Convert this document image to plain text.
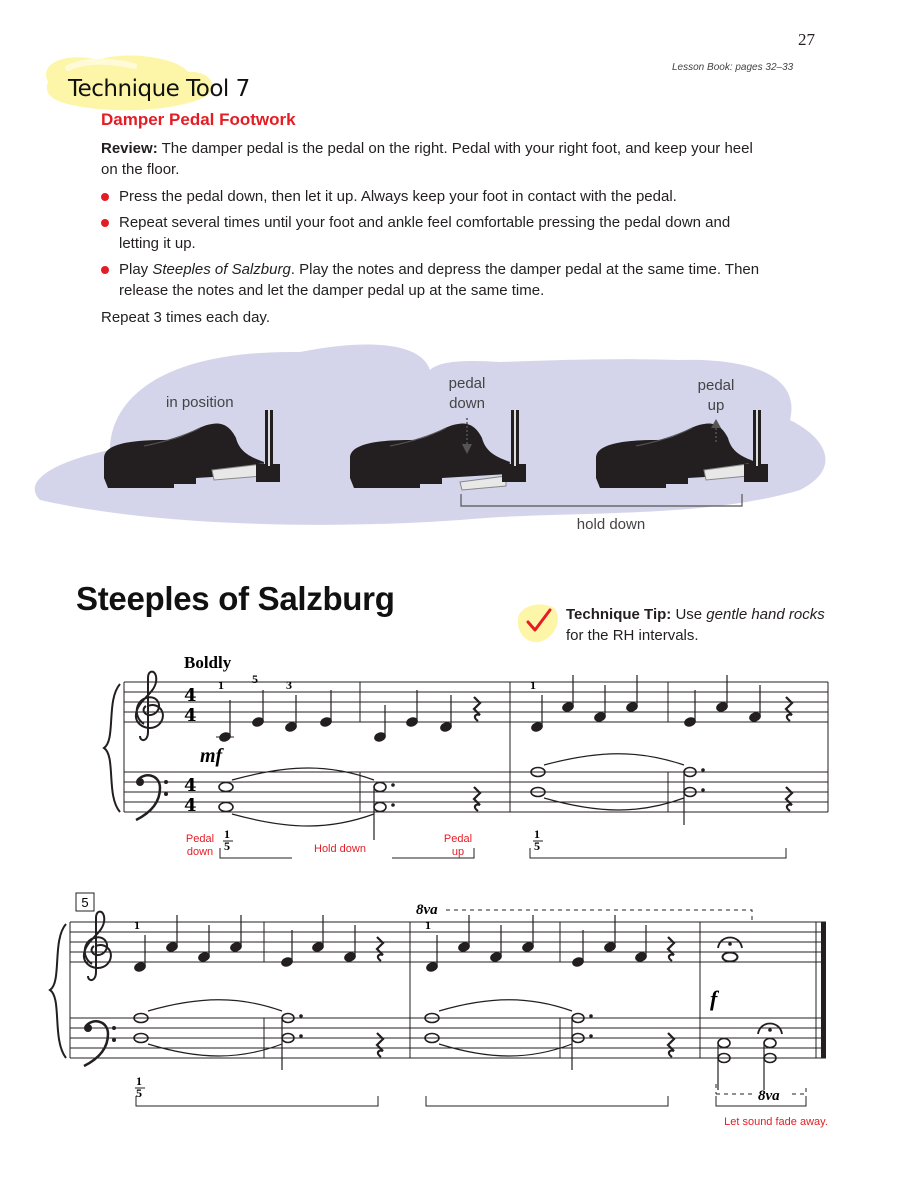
27
Lesson Book: pages 32–33
Technique Tool 7
Damper Pedal Footwork
Review: The damper pedal is the pedal on the right. Pedal with your right foot, and keep your heel on the floor.
Press the pedal down, then let it up. Always keep your foot in contact with the pedal.
Repeat several times until your foot and ankle feel comfortable pressing the pedal down and letting it up.
Play Steeples of Salzburg. Play the notes and depress the damper pedal at the same time. Then release the notes and let the damper pedal up at the same time.
Repeat 3 times each day.
in position
pedal
down
pedal
up
hold down
Steeples of Salzburg	Technique Tip: Use gentle hand rocks for the RH intervals.
4
4
4
4
Boldly
1 5 3	1
mf
1
5
1
5
Pedal
down	Hold down
Pedal
up
5
1	1
8va
f
8va
1
5
Let sound fade away.
